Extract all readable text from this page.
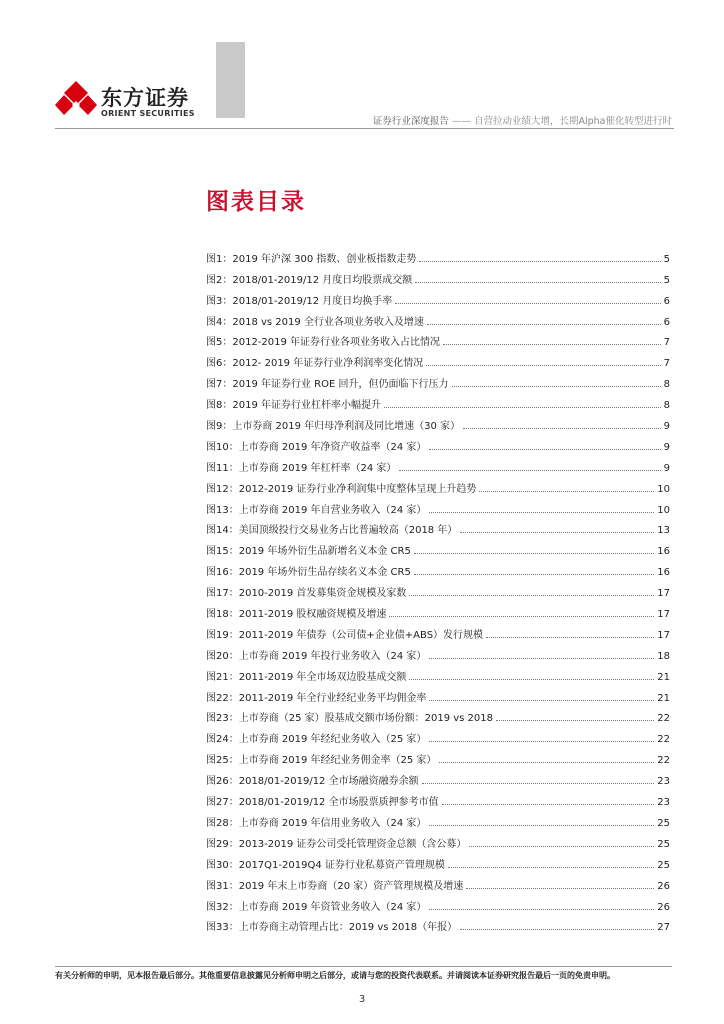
东方证券
ORIENT SECURITIES
证券行业深度报告 —— 自营拉动业绩大增，长期Alpha催化转型进行时
图表目录
图1：2019 年沪深 300 指数、创业板指数走势	5
图2：2018/01-2019/12 月度日均股票成交额	5
图3：2018/01-2019/12 月度日均换手率	6
图4：2018 vs 2019 全行业各项业务收入及增速	6
图5：2012-2019 年证券行业各项业务收入占比情况	7
图6：2012- 2019 年证券行业净利润率变化情况	7
图7：2019 年证券行业 ROE 回升，但仍面临下行压力	8
图8：2019 年证券行业杠杆率小幅提升	8
图9：上市券商 2019 年归母净利润及同比增速（30 家）	9
图10：上市券商 2019 年净资产收益率（24 家）	9
图11：上市券商 2019 年杠杆率（24 家）	9
图12：2012-2019 证券行业净利润集中度整体呈现上升趋势	10
图13：上市券商 2019 年自营业务收入（24 家）	10
图14：美国顶级投行交易业务占比普遍较高（2018 年）	13
图15：2019 年场外衍生品新增名义本金 CR5	16
图16：2019 年场外衍生品存续名义本金 CR5	16
图17：2010-2019 首发募集资金规模及家数	17
图18：2011-2019 股权融资规模及增速	17
图19：2011-2019 年债券（公司债+企业债+ABS）发行规模	17
图20：上市券商 2019 年投行业务收入（24 家）	18
图21：2011-2019 年全市场双边股基成交额	21
图22：2011-2019 年全行业经纪业务平均佣金率	21
图23：上市券商（25 家）股基成交额市场份额：2019 vs 2018	22
图24：上市券商 2019 年经纪业务收入（25 家）	22
图25：上市券商 2019 年经纪业务佣金率（25 家）	22
图26：2018/01-2019/12 全市场融资融券余额	23
图27：2018/01-2019/12 全市场股票质押参考市值	23
图28：上市券商 2019 年信用业务收入（24 家）	25
图29：2013-2019 证券公司受托管理资金总额（含公募）	25
图30：2017Q1-2019Q4 证券行业私募资产管理规模	25
图31：2019 年末上市券商（20 家）资产管理规模及增速	26
图32：上市券商 2019 年资管业务收入（24 家）	26
图33：上市券商主动管理占比：2019 vs 2018（年报）	27
有关分析师的申明，见本报告最后部分。其他重要信息披露见分析师申明之后部分，或请与您的投资代表联系。并请阅读本证券研究报告最后一页的免责申明。
3
